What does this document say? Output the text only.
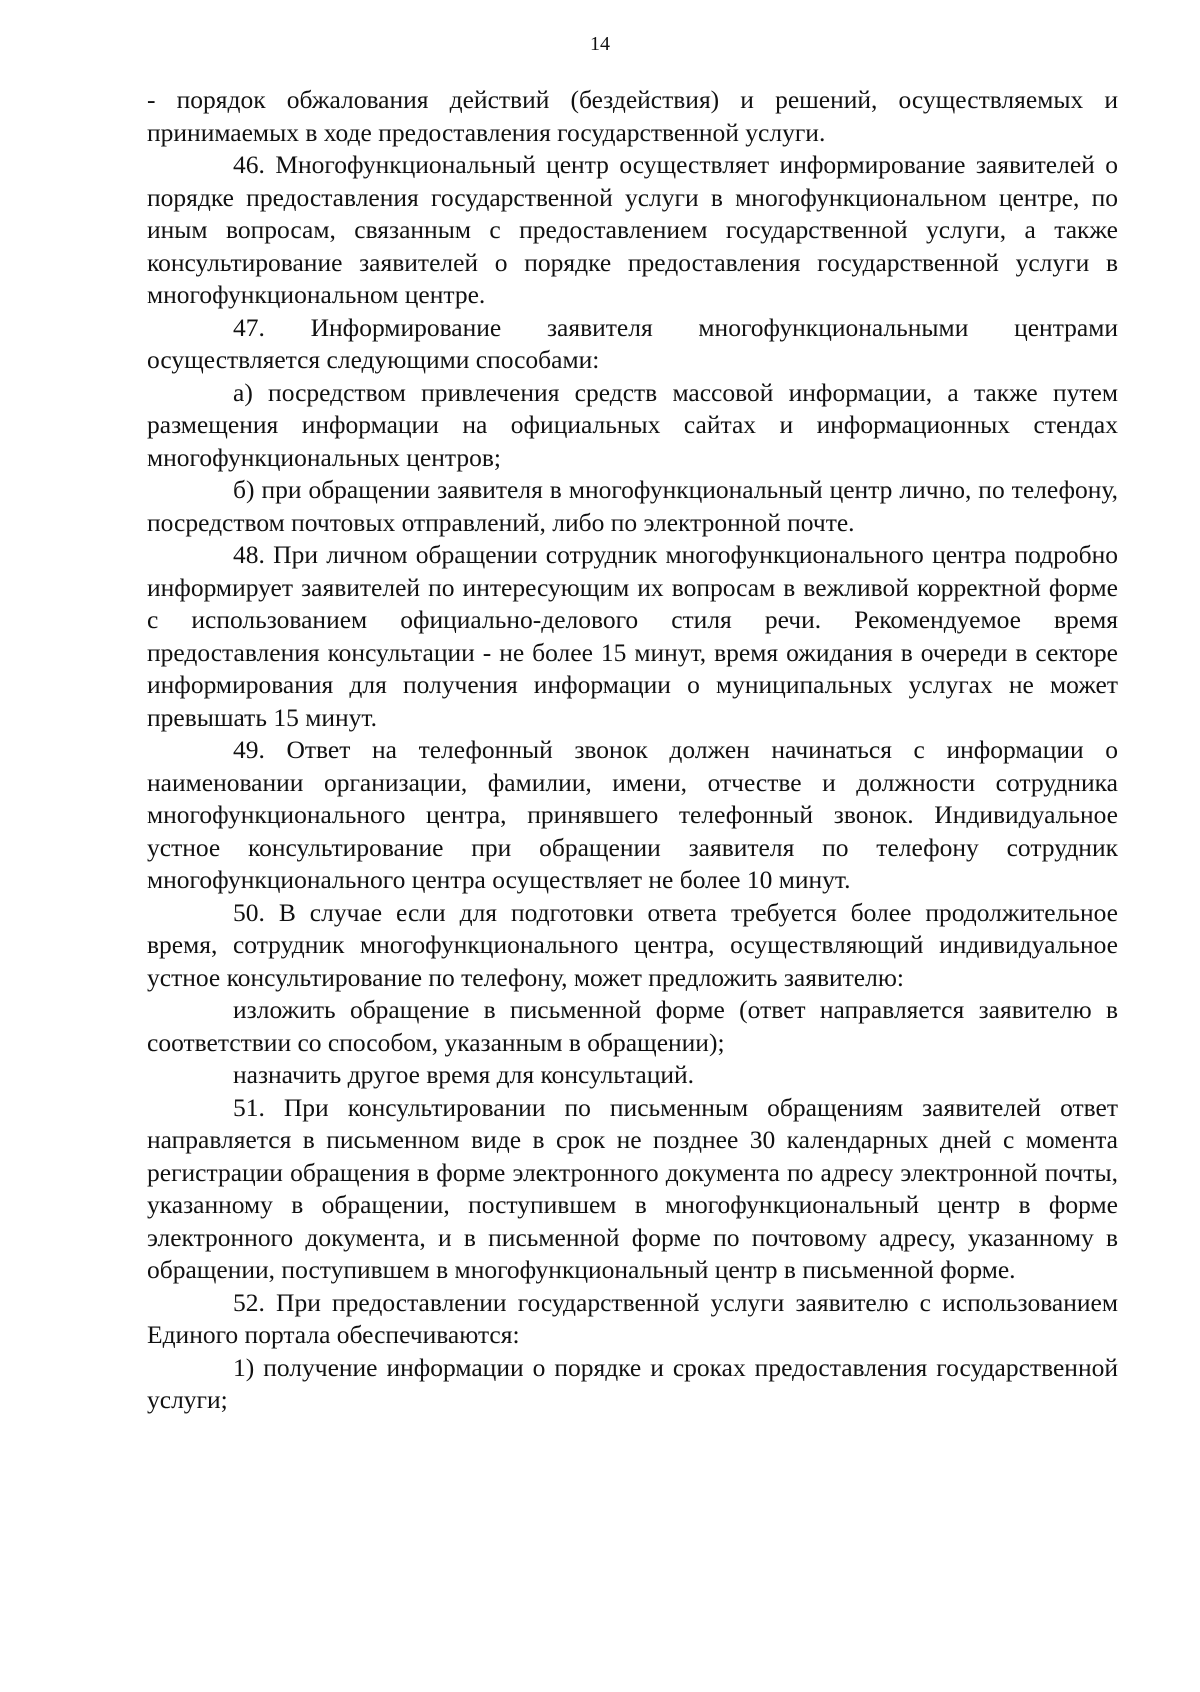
14

- порядок обжалования действий (бездействия) и решений, осуществляемых и принимаемых в ходе предоставления государственной услуги.

46. Многофункциональный центр осуществляет информирование заявителей о порядке предоставления государственной услуги в многофункциональном центре, по иным вопросам, связанным с предоставлением государственной услуги, а также консультирование заявителей о порядке предоставления государственной услуги в многофункциональном центре.

47. Информирование заявителя многофункциональными центрами осуществляется следующими способами:

а) посредством привлечения средств массовой информации, а также путем размещения информации на официальных сайтах и информационных стендах многофункциональных центров;

б) при обращении заявителя в многофункциональный центр лично, по телефону, посредством почтовых отправлений, либо по электронной почте.

48. При личном обращении сотрудник многофункционального центра подробно информирует заявителей по интересующим их вопросам в вежливой корректной форме с использованием официально-делового стиля речи. Рекомендуемое время предоставления консультации - не более 15 минут, время ожидания в очереди в секторе информирования для получения информации о муниципальных услугах не может превышать 15 минут.

49. Ответ на телефонный звонок должен начинаться с информации о наименовании организации, фамилии, имени, отчестве и должности сотрудника многофункционального центра, принявшего телефонный звонок. Индивидуальное устное консультирование при обращении заявителя по телефону сотрудник многофункционального центра осуществляет не более 10 минут.

50. В случае если для подготовки ответа требуется более продолжительное время, сотрудник многофункционального центра, осуществляющий индивидуальное устное консультирование по телефону, может предложить заявителю:

изложить обращение в письменной форме (ответ направляется заявителю в соответствии со способом, указанным в обращении);

назначить другое время для консультаций.

51. При консультировании по письменным обращениям заявителей ответ направляется в письменном виде в срок не позднее 30 календарных дней с момента регистрации обращения в форме электронного документа по адресу электронной почты, указанному в обращении, поступившем в многофункциональный центр в форме электронного документа, и в письменной форме по почтовому адресу, указанному в обращении, поступившем в многофункциональный центр в письменной форме.

52. При предоставлении государственной услуги заявителю с использованием Единого портала обеспечиваются:

1) получение информации о порядке и сроках предоставления государственной услуги;
